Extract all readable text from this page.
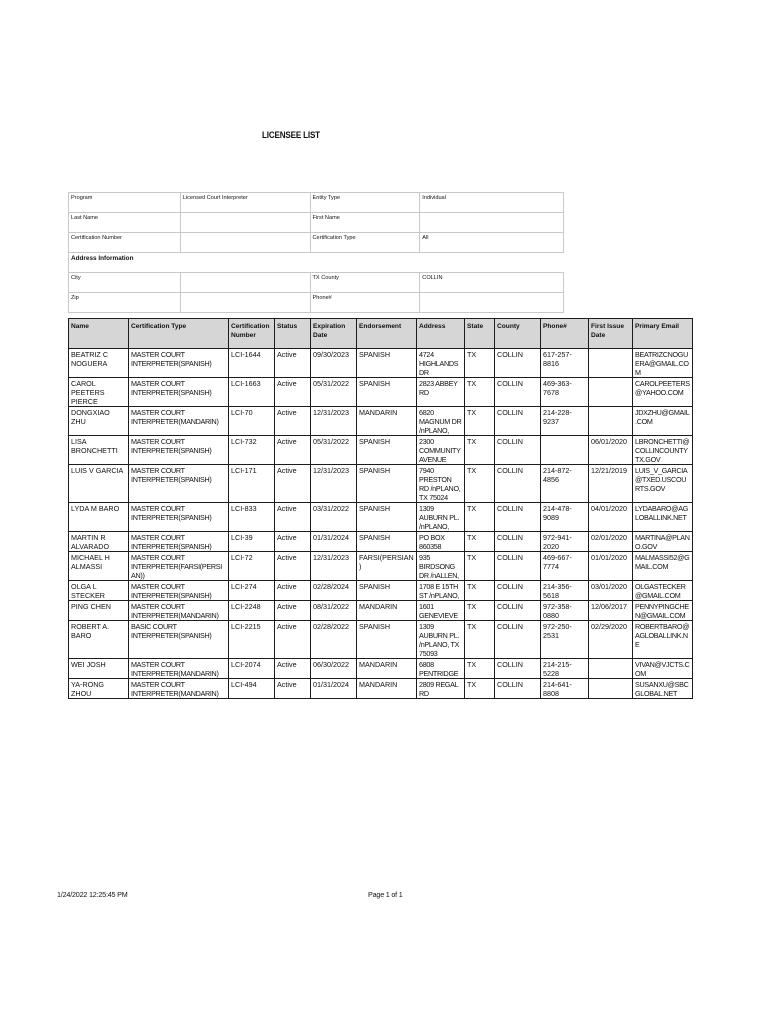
LICENSEE LIST
Program	Licensed Court Interpreter	Entity Type	Individual
Last Name		First Name	
Certification Number		Certification Type	All
Address Information			
City		TX County	COLLIN
Zip		Phone#	
Name	Certification Type	Certification Number	Status	Expiration Date	Endorsement	Address	State	County	Phone#	First Issue Date	Primary Email
BEATRIZ C NOGUERA	MASTER COURT INTERPRETER(SPANISH)	LCI-1644	Active	09/30/2023	SPANISH	4724 HIGHLANDS DR	TX	COLLIN	617-257-8816		BEATRIZCNOGUERA@GMAIL.COM
CAROL PEETERS PIERCE	MASTER COURT INTERPRETER(SPANISH)	LCI-1663	Active	05/31/2022	SPANISH	2823 ABBEY RD	TX	COLLIN	469-363-7678		CAROLPEETERS@YAHOO.COM
DONGXIAO ZHU	MASTER COURT INTERPRETER(MANDARIN)	LCI-70	Active	12/31/2023	MANDARIN	6820 MAGNUM DR /nPLANO,	TX	COLLIN	214-228-9237		JDXZHU@GMAIL.COM
LISA BRONCHETTI	MASTER COURT INTERPRETER(SPANISH)	LCI-732	Active	05/31/2022	SPANISH	2300 COMMUNITY AVENUE	TX	COLLIN		06/01/2020	LBRONCHETTI@COLLINCOUNTYTX.GOV
LUIS V GARCIA	MASTER COURT INTERPRETER(SPANISH)	LCI-171	Active	12/31/2023	SPANISH	7940 PRESTON RD /nPLANO, TX 75024	TX	COLLIN	214-872-4856	12/21/2019	LUIS_V_GARCIA@TXED.USCOURTS.GOV
LYDA M BARO	MASTER COURT INTERPRETER(SPANISH)	LCI-833	Active	03/31/2022	SPANISH	1309 AUBURN PL. /nPLANO,	TX	COLLIN	214-478-9089	04/01/2020	LYDABARO@AGLOBALLINK.NET
MARTIN R ALVARADO	MASTER COURT INTERPRETER(SPANISH)	LCI-39	Active	01/31/2024	SPANISH	PO BOX 860358	TX	COLLIN	972-941-2020	02/01/2020	MARTINA@PLANO.GOV
MICHAEL H ALMASSI	MASTER COURT INTERPRETER(FARSI(PERSIAN))	LCI-72	Active	12/31/2023	FARSI(PERSIAN)	935 BIRDSONG DR /nALLEN,	TX	COLLIN	469-667-7774	01/01/2020	MALMASSI52@GMAIL.COM
OLGA L STECKER	MASTER COURT INTERPRETER(SPANISH)	LCI-274	Active	02/28/2024	SPANISH	1708 E 15TH ST /nPLANO,	TX	COLLIN	214-356-5618	03/01/2020	OLGASTECKER@GMAIL.COM
PING CHEN	MASTER COURT INTERPRETER(MANDARIN)	LCI-2248	Active	08/31/2022	MANDARIN	1601 GENEVIEVE	TX	COLLIN	972-358-0880	12/06/2017	PENNYPINGCHEN@GMAIL.COM
ROBERT A. BARO	BASIC COURT INTERPRETER(SPANISH)	LCI-2215	Active	02/28/2022	SPANISH	1309 AUBURN PL. /nPLANO, TX 75093	TX	COLLIN	972-250-2531	02/29/2020	ROBERTBARO@AGLOBALLINK.NE
WEI JOSH	MASTER COURT INTERPRETER(MANDARIN)	LCI-2074	Active	06/30/2022	MANDARIN	6808 PENTRIDGE	TX	COLLIN	214-215-5228		VIVAN@VJCTS.COM
YA-RONG ZHOU	MASTER COURT INTERPRETER(MANDARIN)	LCI-494	Active	01/31/2024	MANDARIN	2809 REGAL RD	TX	COLLIN	214-641-8808		SUSANXU@SBCGLOBAL.NET
1/24/2022 12:25:45 PM	Page 1 of 1
